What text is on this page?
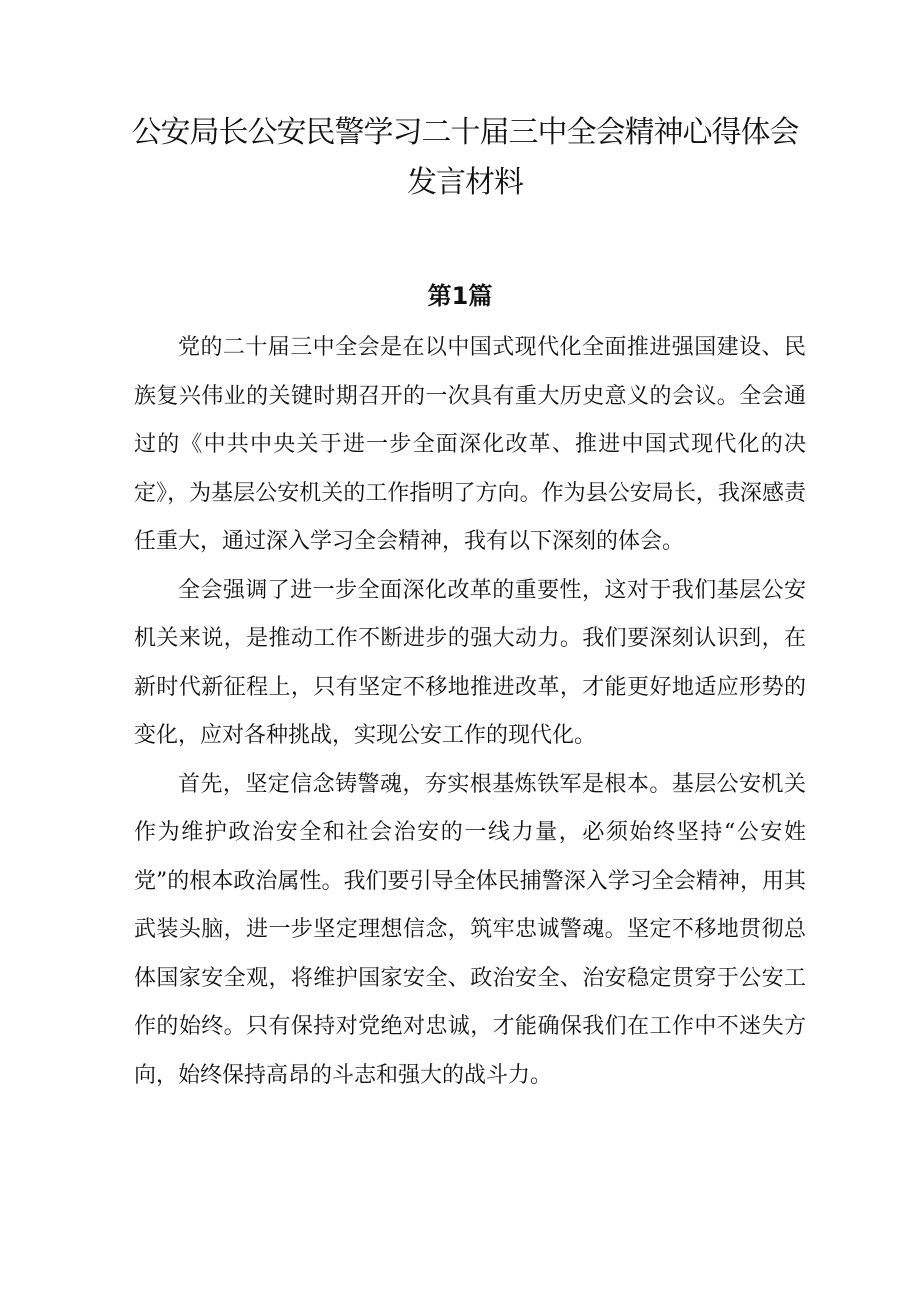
公安局长公安民警学习二十届三中全会精神心得体会发言材料
第1篇

党的二十届三中全会是在以中国式现代化全面推进强国建设、民族复兴伟业的关键时期召开的一次具有重大历史意义的会议。全会通过的《中共中央关于进一步全面深化改革、推进中国式现代化的决定》，为基层公安机关的工作指明了方向。作为县公安局长，我深感责任重大，通过深入学习全会精神，我有以下深刻的体会。

全会强调了进一步全面深化改革的重要性，这对于我们基层公安机关来说，是推动工作不断进步的强大动力。我们要深刻认识到，在新时代新征程上，只有坚定不移地推进改革，才能更好地适应形势的变化，应对各种挑战，实现公安工作的现代化。

首先，坚定信念铸警魂，夯实根基炼铁军是根本。基层公安机关作为维护政治安全和社会治安的一线力量，必须始终坚持“公安姓党”的根本政治属性。我们要引导全体民捕警深入学习全会精神，用其武装头脑，进一步坚定理想信念，筑牢忠诚警魂。坚定不移地贯彻总体国家安全观，将维护国家安全、政治安全、治安稳定贯穿于公安工作的始终。只有保持对党绝对忠诚，才能确保我们在工作中不迷失方向，始终保持高昂的斗志和强大的战斗力。
